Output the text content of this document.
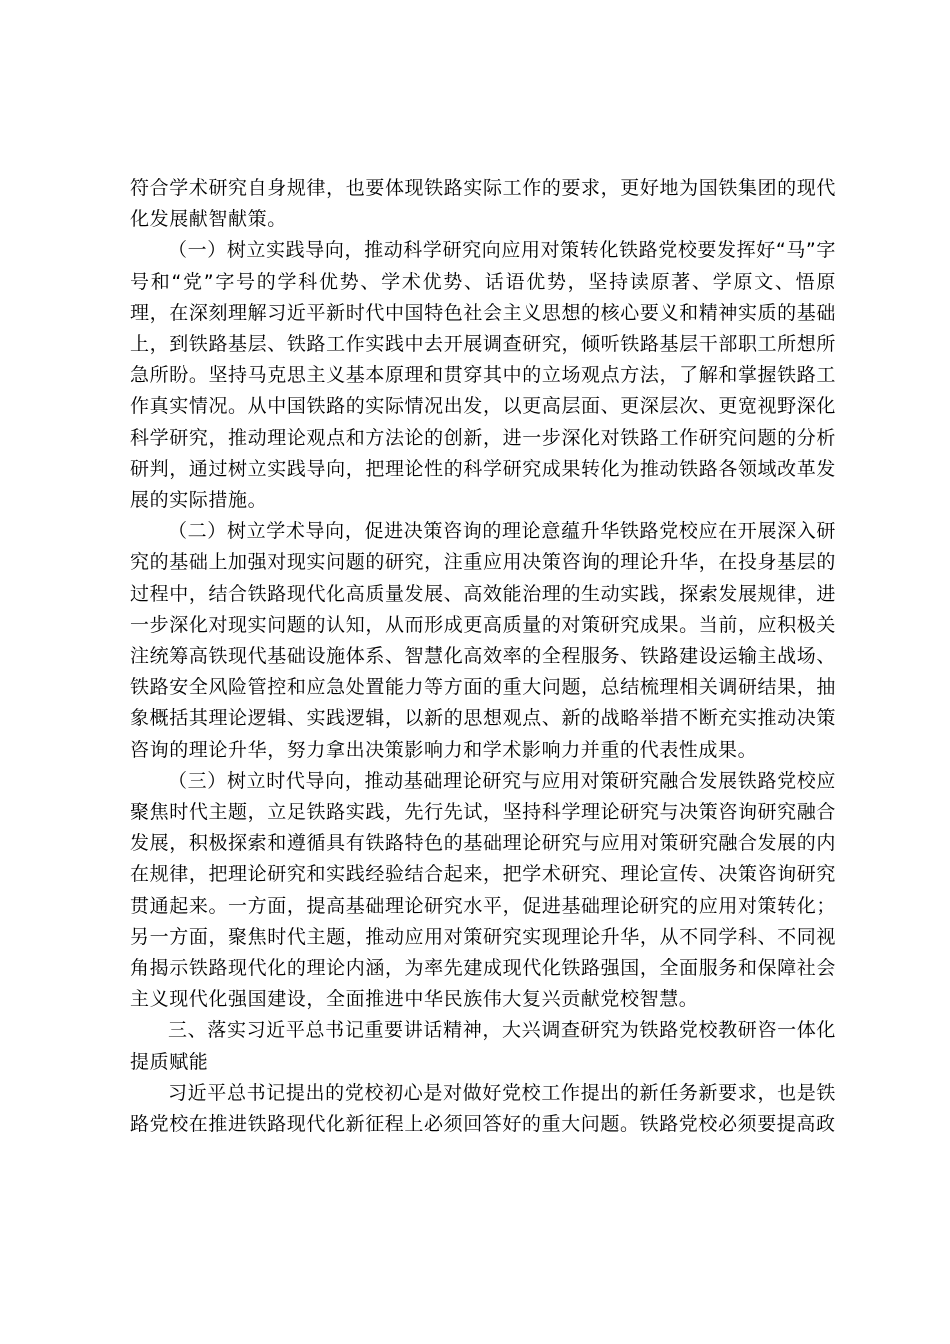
符合学术研究自身规律，也要体现铁路实际工作的要求，更好地为国铁集团的现代化发展献智献策。

（一）树立实践导向，推动科学研究向应用对策转化铁路党校要发挥好“马”字号和“党”字号的学科优势、学术优势、话语优势，坚持读原著、学原文、悟原理，在深刻理解习近平新时代中国特色社会主义思想的核心要义和精神实质的基础上，到铁路基层、铁路工作实践中去开展调查研究，倾听铁路基层干部职工所想所急所盼。坚持马克思主义基本原理和贯穿其中的立场观点方法，了解和掌握铁路工作真实情况。从中国铁路的实际情况出发，以更高层面、更深层次、更宽视野深化科学研究，推动理论观点和方法论的创新，进一步深化对铁路工作研究问题的分析研判，通过树立实践导向，把理论性的科学研究成果转化为推动铁路各领域改革发展的实际措施。

（二）树立学术导向，促进决策咨询的理论意蕴升华铁路党校应在开展深入研究的基础上加强对现实问题的研究，注重应用决策咨询的理论升华，在投身基层的过程中，结合铁路现代化高质量发展、高效能治理的生动实践，探索发展规律，进一步深化对现实问题的认知，从而形成更高质量的对策研究成果。当前，应积极关注统筹高铁现代基础设施体系、智慧化高效率的全程服务、铁路建设运输主战场、铁路安全风险管控和应急处置能力等方面的重大问题，总结梳理相关调研结果，抽象概括其理论逻辑、实践逻辑，以新的思想观点、新的战略举措不断充实推动决策咨询的理论升华，努力拿出决策影响力和学术影响力并重的代表性成果。

（三）树立时代导向，推动基础理论研究与应用对策研究融合发展铁路党校应聚焦时代主题，立足铁路实践，先行先试，坚持科学理论研究与决策咨询研究融合发展，积极探索和遵循具有铁路特色的基础理论研究与应用对策研究融合发展的内在规律，把理论研究和实践经验结合起来，把学术研究、理论宣传、决策咨询研究贯通起来。一方面，提高基础理论研究水平，促进基础理论研究的应用对策转化；另一方面，聚焦时代主题，推动应用对策研究实现理论升华，从不同学科、不同视角揭示铁路现代化的理论内涵，为率先建成现代化铁路强国，全面服务和保障社会主义现代化强国建设，全面推进中华民族伟大复兴贡献党校智慧。

三、落实习近平总书记重要讲话精神，大兴调查研究为铁路党校教研咨一体化提质赋能

习近平总书记提出的党校初心是对做好党校工作提出的新任务新要求，也是铁路党校在推进铁路现代化新征程上必须回答好的重大问题。铁路党校必须要提高政
